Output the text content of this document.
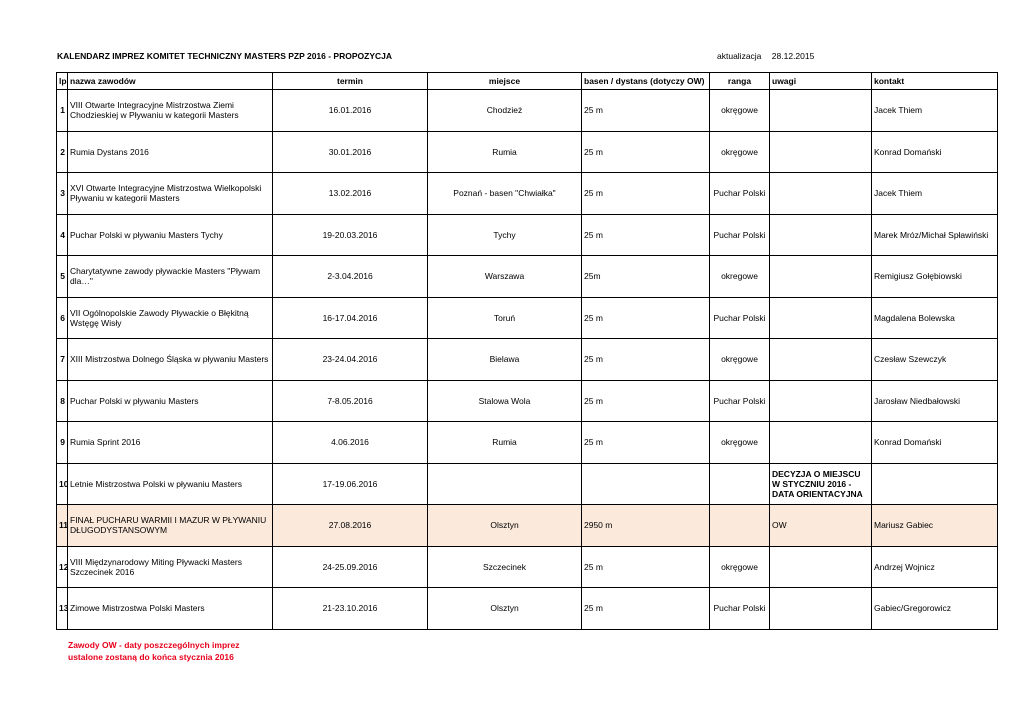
KALENDARZ IMPREZ KOMITET TECHNICZNY MASTERS PZP 2016 - PROPOZYCJA	aktualizacja 28.12.2015
lp	nazwa zawodów	termin	miejsce	basen / dystans (dotyczy OW)	ranga	uwagi	kontakt
1	VIII Otwarte Integracyjne Mistrzostwa Ziemi Chodzieskiej w Pływaniu w kategorii Masters	16.01.2016	Chodzież	25 m	okręgowe		Jacek Thiem
2	Rumia Dystans 2016	30.01.2016	Rumia	25 m	okręgowe		Konrad Domański
3	XVI Otwarte Integracyjne Mistrzostwa Wielkopolski Pływaniu w kategorii Masters	13.02.2016	Poznań - basen "Chwiałka"	25 m	Puchar Polski		Jacek Thiem
4	Puchar Polski w pływaniu Masters Tychy	19-20.03.2016	Tychy	25 m	Puchar Polski		Marek Mróz/Michał Spławiński
5	Charytatywne zawody pływackie Masters "Pływam dla…"	2-3.04.2016	Warszawa	25m	okregowe		Remigiusz Gołębiowski
6	VII Ogólnopolskie Zawody Pływackie o Błękitną Wstęgę Wisły	16-17.04.2016	Toruń	25 m	Puchar Polski		Magdalena Bolewska
7	XIII Mistrzostwa Dolnego Śląska w pływaniu Masters	23-24.04.2016	Bielawa	25 m	okręgowe		Czesław Szewczyk
8	Puchar Polski w pływaniu Masters	7-8.05.2016	Stalowa Wola	25 m	Puchar Polski		Jarosław Niedbałowski
9	Rumia Sprint 2016	4.06.2016	Rumia	25 m	okręgowe		Konrad Domański
10	Letnie Mistrzostwa Polski w pływaniu Masters	17-19.06.2016				DECYZJA O MIEJSCU W STYCZNIU 2016 - DATA ORIENTACYJNA	
11	FINAŁ PUCHARU WARMII I MAZUR W PŁYWANIU DŁUGODYSTANSOWYM	27.08.2016	Olsztyn	2950 m		OW	Mariusz Gabiec
12	VIII Międzynarodowy Miting Pływacki Masters Szczecinek 2016	24-25.09.2016	Szczecinek	25 m	okręgowe		Andrzej Wojnicz
13	Zimowe Mistrzostwa Polski Masters	21-23.10.2016	Olsztyn	25 m	Puchar Polski		Gabiec/Gregorowicz
Zawody OW - daty poszczególnych imprez
ustalone zostaną do końca stycznia 2016
